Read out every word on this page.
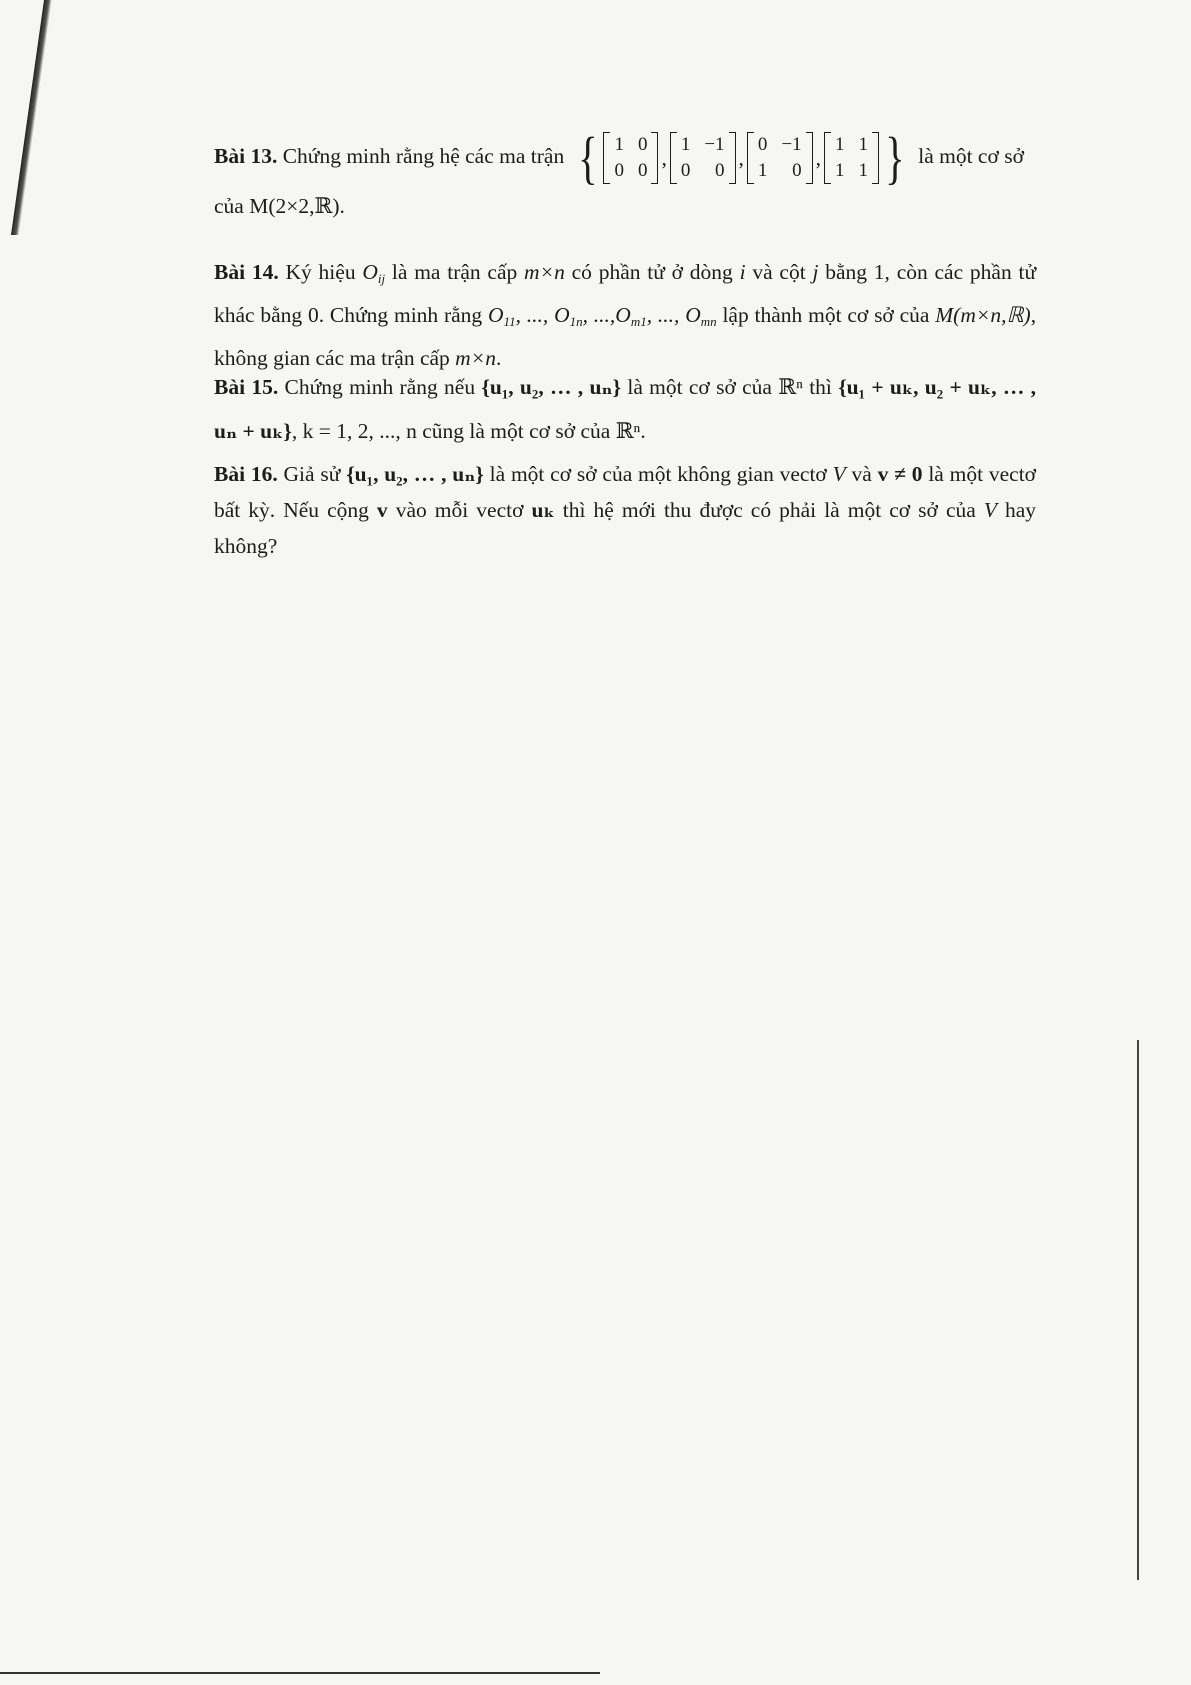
Bài 13. Chứng minh rằng hệ các ma trận { 1 0
0 0
,
1 −1
0	0
,
0 −1
1	0
,
1 1
1 1 } là một cơ sở

của M(2×2,ℝ).

Bài 14. Ký hiệu $O_{ij}$ là ma trận cấp m×n có phần tử ở dòng i và cột j bằng 1, còn các phần tử khác bằng 0. Chứng minh rằng $O_{11}$, ..., $O_{1n}$, $...,O_{m1}$, ..., $O_{mn}$ lập thành một cơ sở của M(m×n,ℝ), không gian các ma trận cấp m×n.

Bài 15. Chứng minh rằng nếu {u₁, u₂, … , uₙ} là một cơ sở của ℝⁿ thì {u₁ + uₖ, u₂ + uₖ, … , uₙ + uₖ}, k = 1, 2, ..., n cũng là một cơ sở của ℝⁿ.

Bài 16. Giả sử {u₁, u₂, … , uₙ} là một cơ sở của một không gian vectơ V và v ≠ 0 là một vectơ bất kỳ. Nếu cộng v vào mỗi vectơ uₖ thì hệ mới thu được có phải là một cơ sở của V hay không?
